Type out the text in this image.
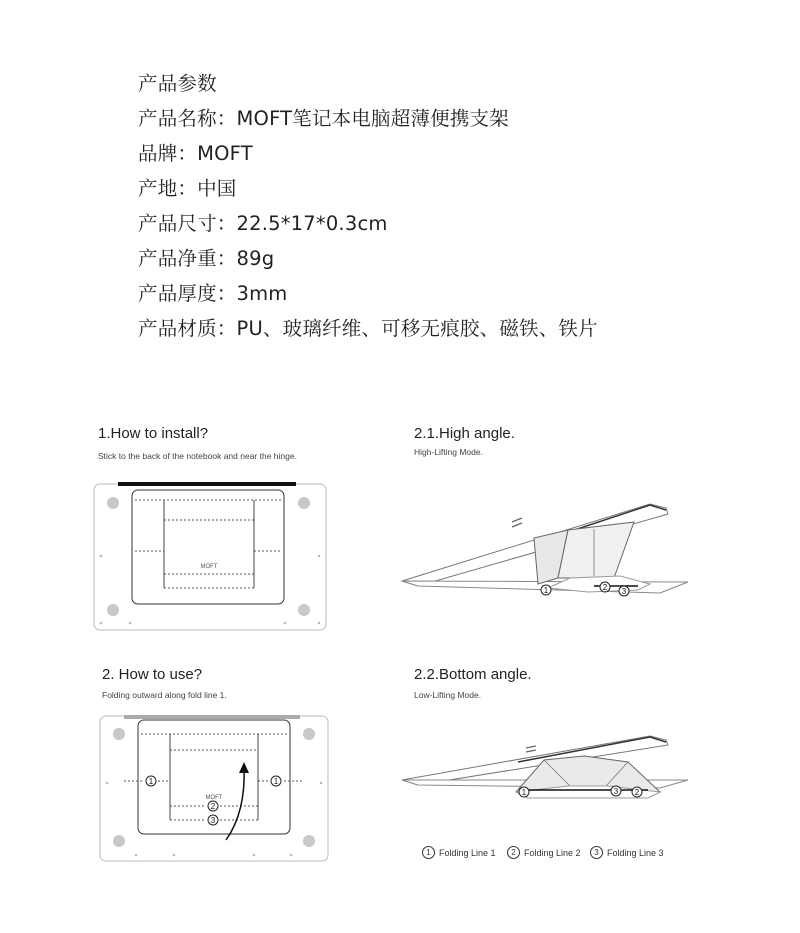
产品参数
产品名称：MOFT笔记本电脑超薄便携支架
品牌：MOFT
产地：中国
产品尺寸：22.5*17*0.3cm
产品净重：89g
产品厚度：3mm
产品材质：PU、玻璃纤维、可移无痕胶、磁铁、铁片
1.How to install?
Stick to the back of the notebook and near the hinge.
2.1.High angle.
High-Lifting Mode.
2. How to use?
Folding outward along fold line 1.
2.2.Bottom angle.
Low-Lifting Mode.
MOFT
1	2 3
MOFT
1	1
2
3
1	3 2
1 Folding Line 1	2 Folding Line 2	3 Folding Line 3
